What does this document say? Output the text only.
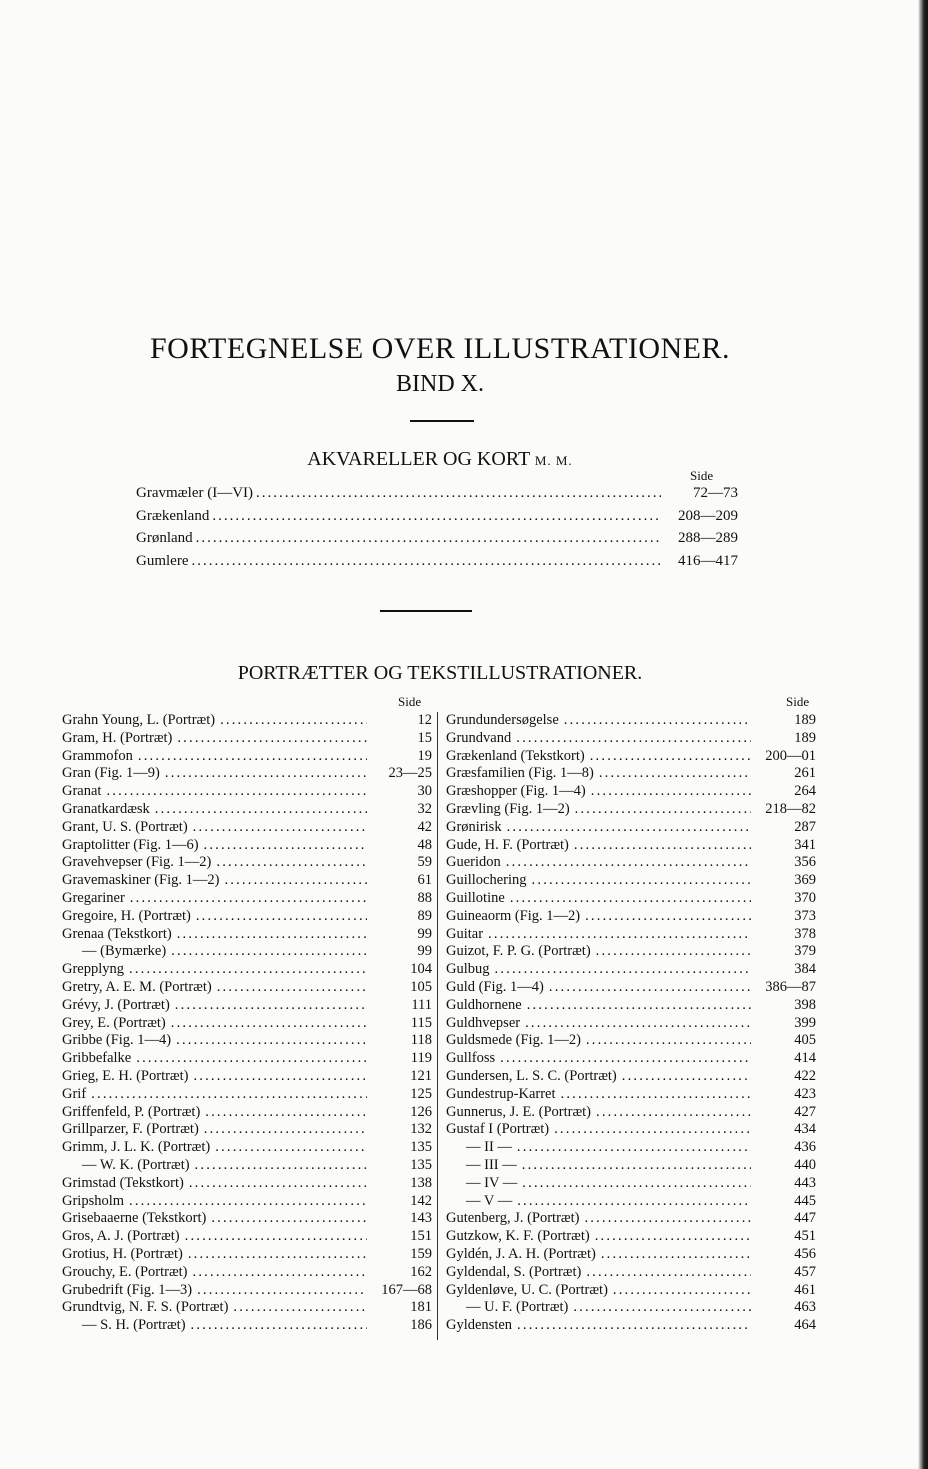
FORTEGNELSE OVER ILLUSTRATIONER.
BIND X.
AKVARELLER OG KORT M. M.
Side
Gravmæler (I—VI) .....	72—73
Grækenland .....	208—209
Grønland .....	288—289
Gumlere .....	416—417
PORTRÆTTER OG TEKSTILLUSTRATIONER.
Side	Side
Grahn Young, L. (Portræt) .....	12
Gram, H. (Portræt) .....	15
Grammofon .....	19
Gran (Fig. 1—9) .....	23—25
Granat .....	30
Granatkardæsk .....	32
Grant, U. S. (Portræt) .....	42
Graptolitter (Fig. 1—6) .....	48
Gravehvepser (Fig. 1—2) .....	59
Gravemaskiner (Fig. 1—2) .....	61
Gregariner .....	88
Gregoire, H. (Portræt) .....	89
Grenaa (Tekstkort) .....	99
— (Bymærke) .....	99
Grepplyng .....	104
Gretry, A. E. M. (Portræt) .....	105
Grévy, J. (Portræt) .....	111
Grey, E. (Portræt) .....	115
Gribbe (Fig. 1—4) .....	118
Gribbefalke .....	119
Grieg, E. H. (Portræt) .....	121
Grif .....	125
Griffenfeld, P. (Portræt) .....	126
Grillparzer, F. (Portræt) .....	132
Grimm, J. L. K. (Portræt) .....	135
— W. K. (Portræt) .....	135
Grimstad (Tekstkort) .....	138
Gripsholm .....	142
Grisebaaerne (Tekstkort) .....	143
Gros, A. J. (Portræt) .....	151
Grotius, H. (Portræt) .....	159
Grouchy, E. (Portræt) .....	162
Grubedrift (Fig. 1—3) .....	167—68
Grundtvig, N. F. S. (Portræt) .....	181
— S. H. (Portræt) .....	186
Grundundersøgelse .....	189
Grundvand .....	189
Grækenland (Tekstkort) .....	200—01
Græsfamilien (Fig. 1—8) .....	261
Græshopper (Fig. 1—4) .....	264
Grævling (Fig. 1—2) .....	218—82
Grønirisk .....	287
Gude, H. F. (Portræt) .....	341
Gueridon .....	356
Guillochering .....	369
Guillotine .....	370
Guineaorm (Fig. 1—2) .....	373
Guitar .....	378
Guizot, F. P. G. (Portræt) .....	379
Gulbug .....	384
Guld (Fig. 1—4) .....	386—87
Guldhornene .....	398
Guldhvepser .....	399
Guldsmede (Fig. 1—2) .....	405
Gullfoss .....	414
Gundersen, L. S. C. (Portræt) .....	422
Gundestrup-Karret .....	423
Gunnerus, J. E. (Portræt) .....	427
Gustaf I (Portræt) .....	434
— II — .....	436
— III — .....	440
— IV — .....	443
— V — .....	445
Gutenberg, J. (Portræt) .....	447
Gutzkow, K. F. (Portræt) .....	451
Gyldén, J. A. H. (Portræt) .....	456
Gyldendal, S. (Portræt) .....	457
Gyldenløve, U. C. (Portræt) .....	461
— U. F. (Portræt) .....	463
Gyldensten .....	464
